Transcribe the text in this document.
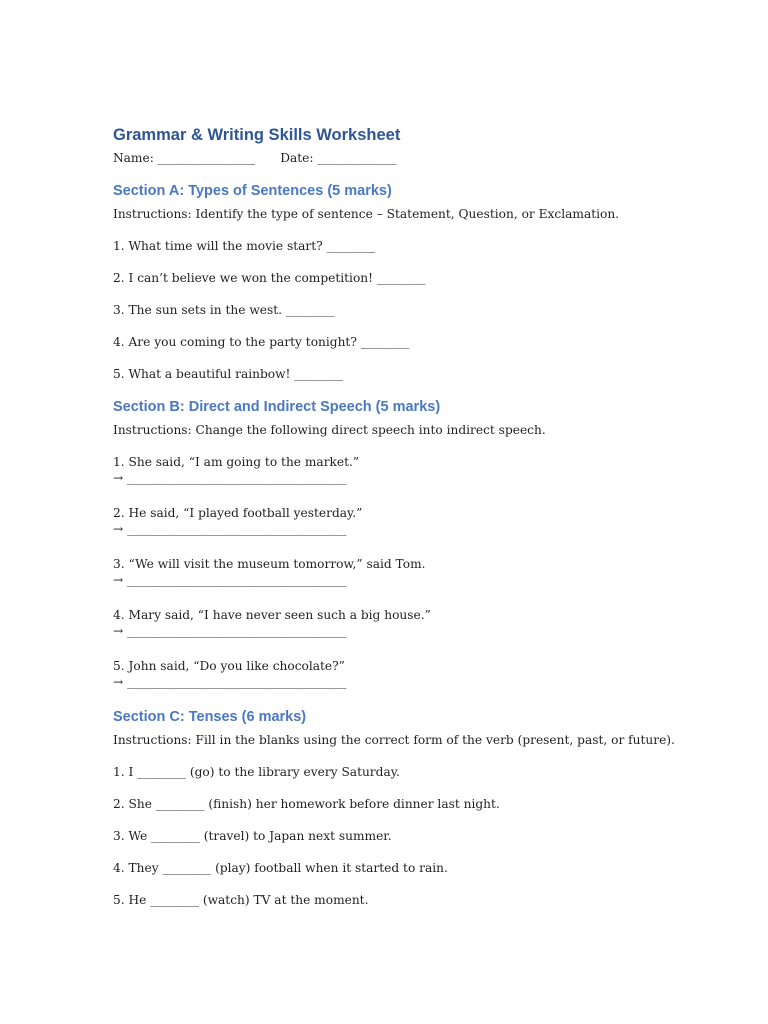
Grammar & Writing Skills Worksheet
Name: ________________ Date: _____________
Section A: Types of Sentences (5 marks)
Instructions: Identify the type of sentence – Statement, Question, or Exclamation.
1. What time will the movie start? ________
2. I can’t believe we won the competition! ________
3. The sun sets in the west. ________
4. Are you coming to the party tonight? ________
5. What a beautiful rainbow! ________
Section B: Direct and Indirect Speech (5 marks)
Instructions: Change the following direct speech into indirect speech.
1. She said, “I am going to the market.”
→ ____________________________________
2. He said, “I played football yesterday.”
→ ____________________________________
3. “We will visit the museum tomorrow,” said Tom.
→ ____________________________________
4. Mary said, “I have never seen such a big house.”
→ ____________________________________
5. John said, “Do you like chocolate?”
→ ____________________________________
Section C: Tenses (6 marks)
Instructions: Fill in the blanks using the correct form of the verb (present, past, or future).
1. I ________ (go) to the library every Saturday.
2. She ________ (finish) her homework before dinner last night.
3. We ________ (travel) to Japan next summer.
4. They ________ (play) football when it started to rain.
5. He ________ (watch) TV at the moment.
